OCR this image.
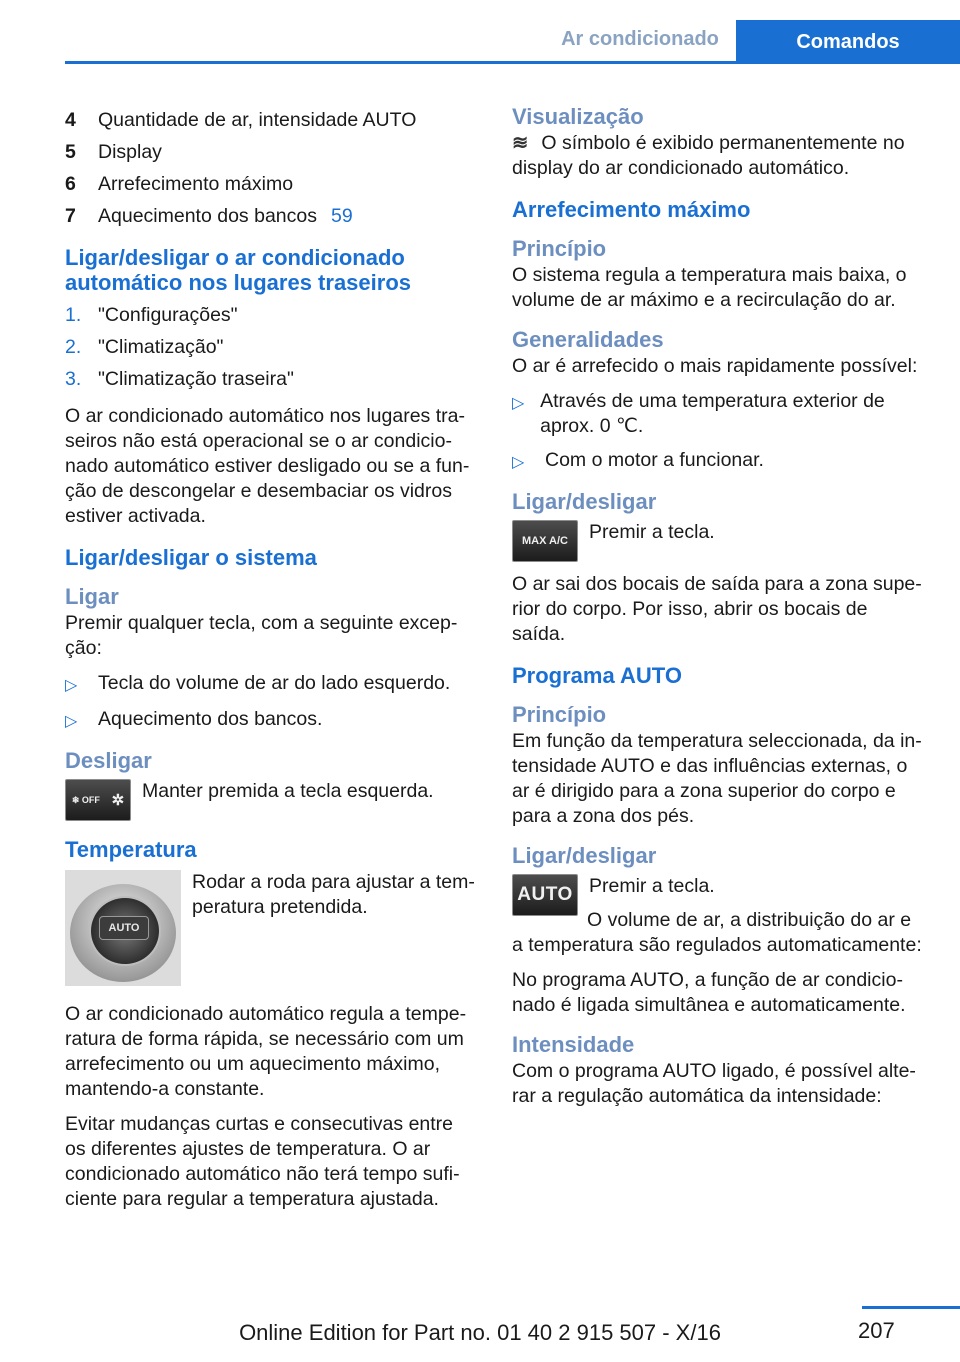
Ar condicionado	Comandos
4	Quantidade de ar, intensidade AUTO
5	Display
6	Arrefecimento máximo
7	Aquecimento dos bancos 59
Ligar/desligar o ar condicionado automático nos lugares traseiros
1. "Configurações"
2. "Climatização"
3. "Climatização traseira"

O ar condicionado automático nos lugares traseiros não está operacional se o ar condicionado automático estiver desligado ou se a função de descongelar e desembaciar os vidros estiver activada.

Ligar/desligar o sistema
Ligar

Premir qualquer tecla, com a seguinte excepção:

▷	Tecla do volume de ar do lado esquerdo.
▷	Aquecimento dos bancos.
Desligar
❄ OFF ✲ Manter premida a tecla esquerda.
Temperatura
AUTO
Rodar a roda para ajustar a temperatura pretendida.

O ar condicionado automático regula a temperatura de forma rápida, se necessário com um arrefecimento ou um aquecimento máximo, mantendo-a constante.

Evitar mudanças curtas e consecutivas entre os diferentes ajustes de temperatura. O ar condicionado automático não terá tempo suficiente para regular a temperatura ajustada.

Visualização

≋ O símbolo é exibido permanentemente no display do ar condicionado automático.

Arrefecimento máximo
Princípio

O sistema regula a temperatura mais baixa, o volume de ar máximo e a recirculação do ar.

Generalidades

O ar é arrefecido o mais rapidamente possível:

▷ Através de uma temperatura exterior de aprox. 0 ℃.
▷	Com o motor a funcionar.
Ligar/desligar
MAX A/C	Premir a tecla.

O ar sai dos bocais de saída para a zona superior do corpo. Por isso, abrir os bocais de saída.

Programa AUTO
Princípio

Em função da temperatura seleccionada, da intensidade AUTO e das influências externas, o ar é dirigido para a zona superior do corpo e para a zona dos pés.

Ligar/desligar
AUTO Premir a tecla.

O volume de ar, a distribuição do ar e a temperatura são regulados automaticamente:

No programa AUTO, a função de ar condicionado é ligada simultânea e automaticamente.

Intensidade

Com o programa AUTO ligado, é possível alterar a regulação automática da intensidade:

207
Online Edition for Part no. 01 40 2 915 507 - X/16
